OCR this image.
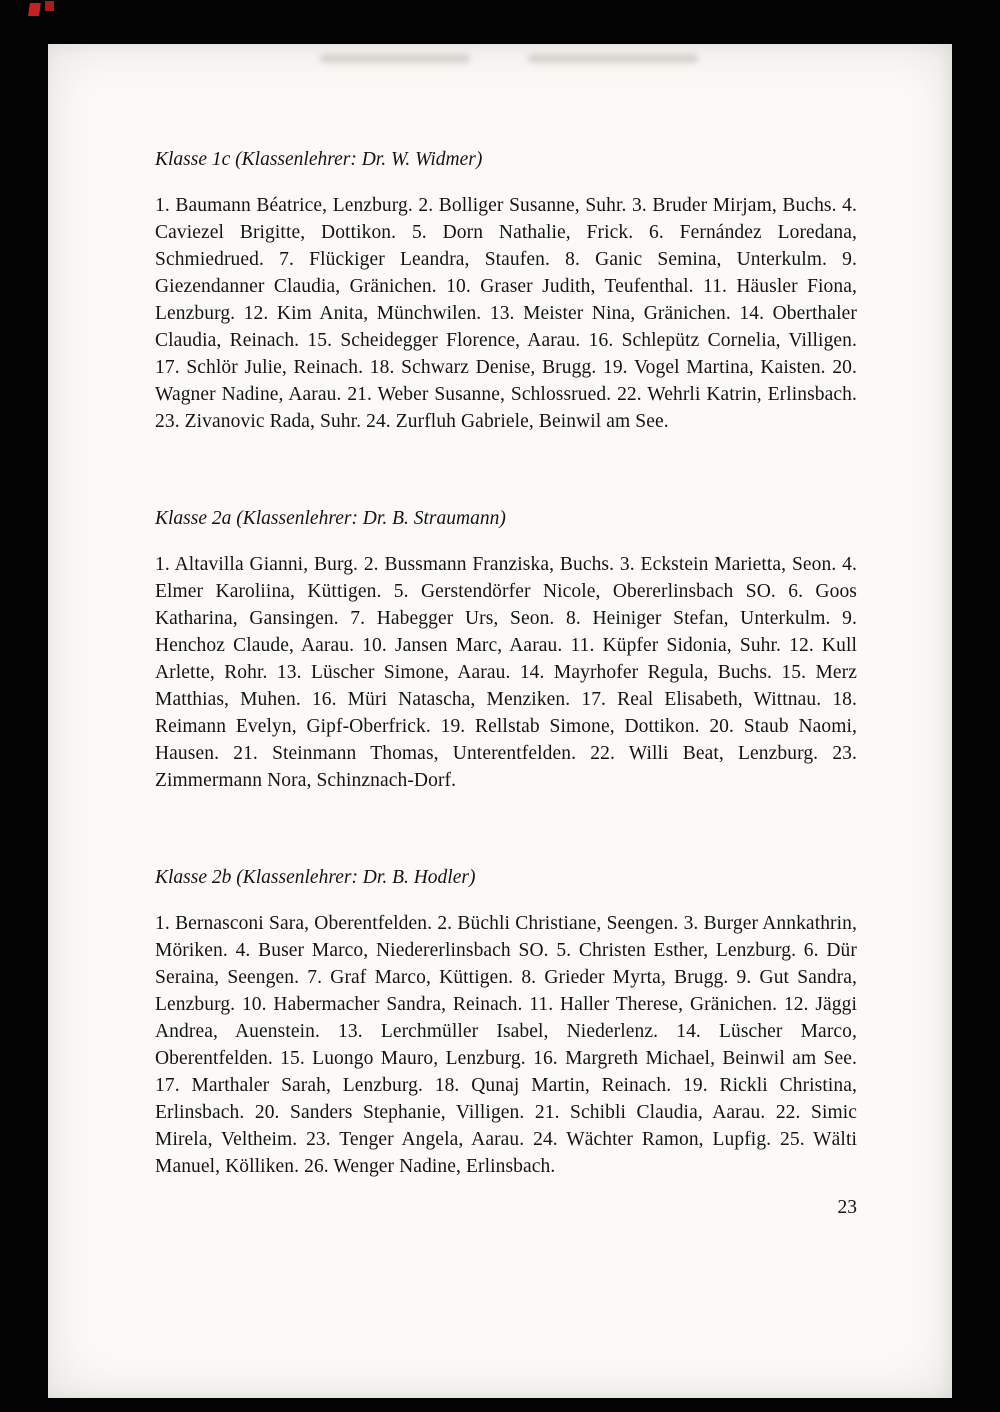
Klasse 1c (Klassenlehrer: Dr. W. Widmer)

1. Baumann Béatrice, Lenzburg. 2. Bolliger Susanne, Suhr. 3. Bruder Mirjam, Buchs. 4. Caviezel Brigitte, Dottikon. 5. Dorn Nathalie, Frick. 6. Fernández Loredana, Schmiedrued. 7. Flückiger Leandra, Staufen. 8. Ganic Semina, Unterkulm. 9. Giezendanner Claudia, Gränichen. 10. Graser Judith, Teufenthal. 11. Häusler Fiona, Lenzburg. 12. Kim Anita, Münchwilen. 13. Meister Nina, Gränichen. 14. Oberthaler Claudia, Reinach. 15. Scheidegger Florence, Aarau. 16. Schlepütz Cornelia, Villigen. 17. Schlör Julie, Reinach. 18. Schwarz Denise, Brugg. 19. Vogel Martina, Kaisten. 20. Wagner Nadine, Aarau. 21. Weber Susanne, Schlossrued. 22. Wehrli Katrin, Erlinsbach. 23. Zivanovic Rada, Suhr. 24. Zurfluh Gabriele, Beinwil am See.

Klasse 2a (Klassenlehrer: Dr. B. Straumann)

1. Altavilla Gianni, Burg. 2. Bussmann Franziska, Buchs. 3. Eckstein Marietta, Seon. 4. Elmer Karoliina, Küttigen. 5. Gerstendörfer Nicole, Obererlinsbach SO. 6. Goos Katharina, Gansingen. 7. Habegger Urs, Seon. 8. Heiniger Stefan, Unterkulm. 9. Henchoz Claude, Aarau. 10. Jansen Marc, Aarau. 11. Küpfer Sidonia, Suhr. 12. Kull Arlette, Rohr. 13. Lüscher Simone, Aarau. 14. Mayrhofer Regula, Buchs. 15. Merz Matthias, Muhen. 16. Müri Natascha, Menziken. 17. Real Elisabeth, Wittnau. 18. Reimann Evelyn, Gipf-Oberfrick. 19. Rellstab Simone, Dottikon. 20. Staub Naomi, Hausen. 21. Steinmann Thomas, Unterentfelden. 22. Willi Beat, Lenzburg. 23. Zimmermann Nora, Schinznach-Dorf.

Klasse 2b (Klassenlehrer: Dr. B. Hodler)

1. Bernasconi Sara, Oberentfelden. 2. Büchli Christiane, Seengen. 3. Burger Annkathrin, Möriken. 4. Buser Marco, Niedererlinsbach SO. 5. Christen Esther, Lenzburg. 6. Dür Seraina, Seengen. 7. Graf Marco, Küttigen. 8. Grieder Myrta, Brugg. 9. Gut Sandra, Lenzburg. 10. Habermacher Sandra, Reinach. 11. Haller Therese, Gränichen. 12. Jäggi Andrea, Auenstein. 13. Lerchmüller Isabel, Niederlenz. 14. Lüscher Marco, Oberentfelden. 15. Luongo Mauro, Lenzburg. 16. Margreth Michael, Beinwil am See. 17. Marthaler Sarah, Lenzburg. 18. Qunaj Martin, Reinach. 19. Rickli Christina, Erlinsbach. 20. Sanders Stephanie, Villigen. 21. Schibli Claudia, Aarau. 22. Simic Mirela, Veltheim. 23. Tenger Angela, Aarau. 24. Wächter Ramon, Lupfig. 25. Wälti Manuel, Kölliken. 26. Wenger Nadine, Erlinsbach.

23
